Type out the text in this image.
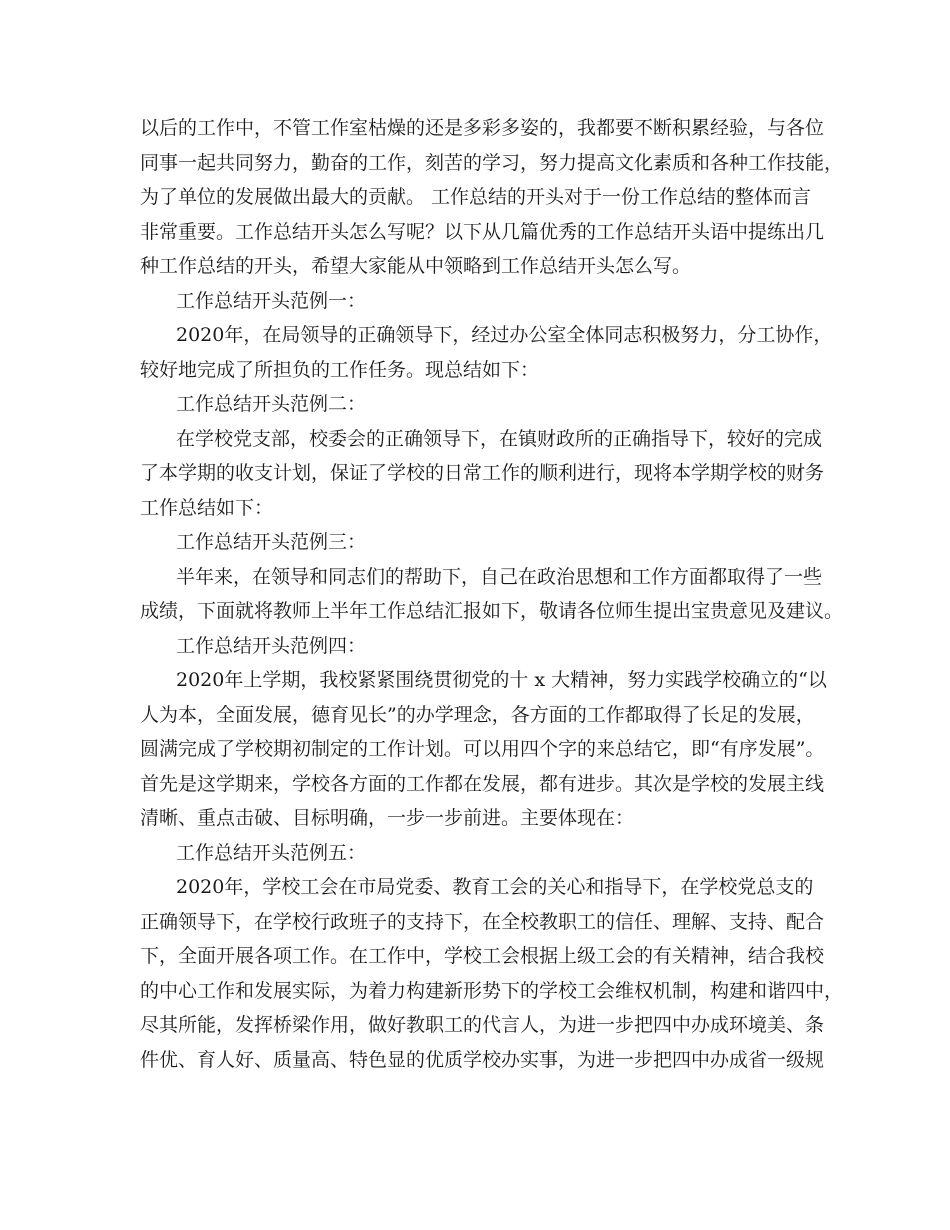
以后的工作中，不管工作室枯燥的还是多彩多姿的，我都要不断积累经验，与各位
同事一起共同努力，勤奋的工作，刻苦的学习，努力提高文化素质和各种工作技能，
为了单位的发展做出最大的贡献。 工作总结的开头对于一份工作总结的整体而言
非常重要。工作总结开头怎么写呢？以下从几篇优秀的工作总结开头语中提练出几
种工作总结的开头，希望大家能从中领略到工作总结开头怎么写。
工作总结开头范例一：
2020年，在局领导的正确领导下，经过办公室全体同志积极努力，分工协作，
较好地完成了所担负的工作任务。现总结如下：
工作总结开头范例二：
在学校党支部，校委会的正确领导下，在镇财政所的正确指导下，较好的完成
了本学期的收支计划，保证了学校的日常工作的顺利进行，现将本学期学校的财务
工作总结如下：
工作总结开头范例三：
半年来，在领导和同志们的帮助下，自己在政治思想和工作方面都取得了一些
成绩，下面就将教师上半年工作总结汇报如下，敬请各位师生提出宝贵意见及建议。
工作总结开头范例四：
2020年上学期，我校紧紧围绕贯彻党的十 x 大精神，努力实践学校确立的“以
人为本，全面发展，德育见长”的办学理念，各方面的工作都取得了长足的发展，
圆满完成了学校期初制定的工作计划。可以用四个字的来总结它，即“有序发展”。
首先是这学期来，学校各方面的工作都在发展，都有进步。其次是学校的发展主线
清晰、重点击破、目标明确，一步一步前进。主要体现在：
工作总结开头范例五：
2020年，学校工会在市局党委、教育工会的关心和指导下，在学校党总支的
正确领导下，在学校行政班子的支持下，在全校教职工的信任、理解、支持、配合
下，全面开展各项工作。在工作中，学校工会根据上级工会的有关精神，结合我校
的中心工作和发展实际，为着力构建新形势下的学校工会维权机制，构建和谐四中，
尽其所能，发挥桥梁作用，做好教职工的代言人，为进一步把四中办成环境美、条
件优、育人好、质量高、特色显的优质学校办实事，为进一步把四中办成省一级规
